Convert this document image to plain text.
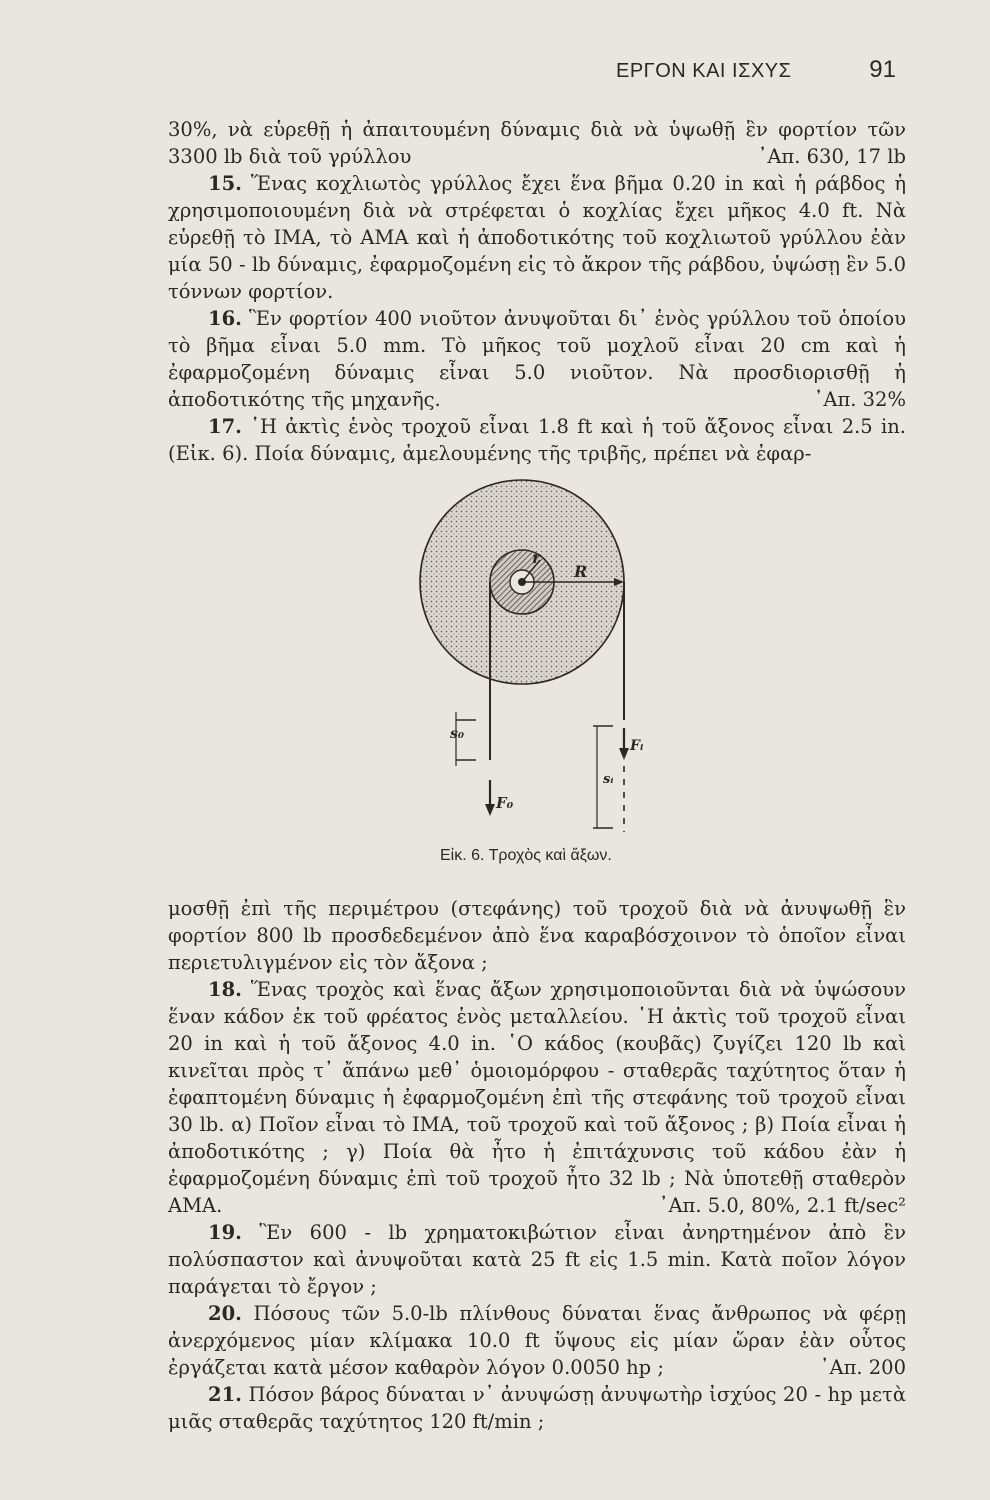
ΕΡΓΟΝ ΚΑΙ ΙΣΧΥΣ	91

30%, νὰ εὑρεθῇ ἡ ἀπαιτουμένη δύναμις διὰ νὰ ὑψωθῇ ἓν φορτίον τῶν 3300 lb διὰ τοῦ γρύλλου	᾿Απ. 630, 17 lb

15. Ἕνας κοχλιωτὸς γρύλλος ἔχει ἕνα βῆμα 0.20 in καὶ ἡ ράβδος ἡ χρησιμοποιουμένη διὰ νὰ στρέφεται ὁ κοχλίας ἔχει μῆκος 4.0 ft. Νὰ εὑρεθῇ τὸ ΙΜΑ, τὸ ΑΜΑ καὶ ἡ ἀποδοτικότης τοῦ κοχλιωτοῦ γρύλλου ἐὰν μία 50 - lb δύναμις, ἐφαρμοζομένη εἰς τὸ ἄκρον τῆς ράβδου, ὑψώσῃ ἓν 5.0 τόννων φορτίον.

16. Ἓν φορτίον 400 νιοῦτον ἀνυψοῦται δι᾿ ἑνὸς γρύλλου τοῦ ὁποίου τὸ βῆμα εἶναι 5.0 mm. Τὸ μῆκος τοῦ μοχλοῦ εἶναι 20 cm καὶ ἡ ἐφαρμοζομένη δύναμις εἶναι 5.0 νιοῦτον. Νὰ προσδιορισθῇ ἡ ἀποδοτικότης τῆς μηχανῆς.	᾿Απ. 32%

17. ῾Η ἀκτὶς ἑνὸς τροχοῦ εἶναι 1.8 ft καὶ ἡ τοῦ ἄξονος εἶναι 2.5 in. (Εἰκ. 6). Ποία δύναμις, ἀμελουμένης τῆς τριβῆς, πρέπει νὰ ἐφαρ-

r
R
s₀
F₀
sᵢ
Fᵢ
Εἰκ. 6. Τροχὸς καὶ ἄξων.

μοσθῇ ἐπὶ τῆς περιμέτρου (στεφάνης) τοῦ τροχοῦ διὰ νὰ ἀνυψωθῇ ἓν φορτίον 800 lb προσδεδεμένον ἀπὸ ἕνα καραβόσχοινον τὸ ὁποῖον εἶναι περιετυλιγμένον εἰς τὸν ἄξονα ;

18. Ἕνας τροχὸς καὶ ἕνας ἄξων χρησιμοποιοῦνται διὰ νὰ ὑψώσουν ἕναν κάδον ἐκ τοῦ φρέατος ἑνὸς μεταλλείου. ῾Η ἀκτὶς τοῦ τροχοῦ εἶναι 20 in καὶ ἡ τοῦ ἄξονος 4.0 in. ῾Ο κάδος (κουβᾶς) ζυγίζει 120 lb καὶ κινεῖται πρὸς τ᾿ ἄπάνω μεθ᾿ ὁμοιομόρφου - σταθερᾶς ταχύτητος ὅταν ἡ ἐφαπτομένη δύναμις ἡ ἐφαρμοζομένη ἐπὶ τῆς στεφάνης τοῦ τροχοῦ εἶναι 30 lb. α) Ποῖον εἶναι τὸ ΙΜΑ, τοῦ τροχοῦ καὶ τοῦ ἄξονος ; β) Ποία εἶναι ἡ ἀποδοτικότης ; γ) Ποία θὰ ἦτο ἡ ἐπιτάχυνσις τοῦ κάδου ἐὰν ἡ ἐφαρμοζομένη δύναμις ἐπὶ τοῦ τροχοῦ ἦτο 32 lb ; Νὰ ὑποτεθῇ σταθερὸν ΑΜΑ.	᾿Απ. 5.0, 80%, 2.1 ft/sec²

19. Ἓν 600 - lb χρηματοκιβώτιον εἶναι ἀνηρτημένον ἀπὸ ἓν πολύσπαστον καὶ ἀνυψοῦται κατὰ 25 ft εἰς 1.5 min. Κατὰ ποῖον λόγον παράγεται τὸ ἔργον ;

20. Πόσους τῶν 5.0-lb πλίνθους δύναται ἕνας ἄνθρωπος νὰ φέρῃ ἀνερχόμενος μίαν κλίμακα 10.0 ft ὕψους εἰς μίαν ὥραν ἐὰν οὗτος ἐργάζεται κατὰ μέσον καθαρὸν λόγον 0.0050 hp ;	᾿Απ. 200

21. Πόσον βάρος δύναται ν᾿ ἀνυψώσῃ ἀνυψωτὴρ ἰσχύος 20 - hp μετὰ μιᾶς σταθερᾶς ταχύτητος 120 ft/min ;
